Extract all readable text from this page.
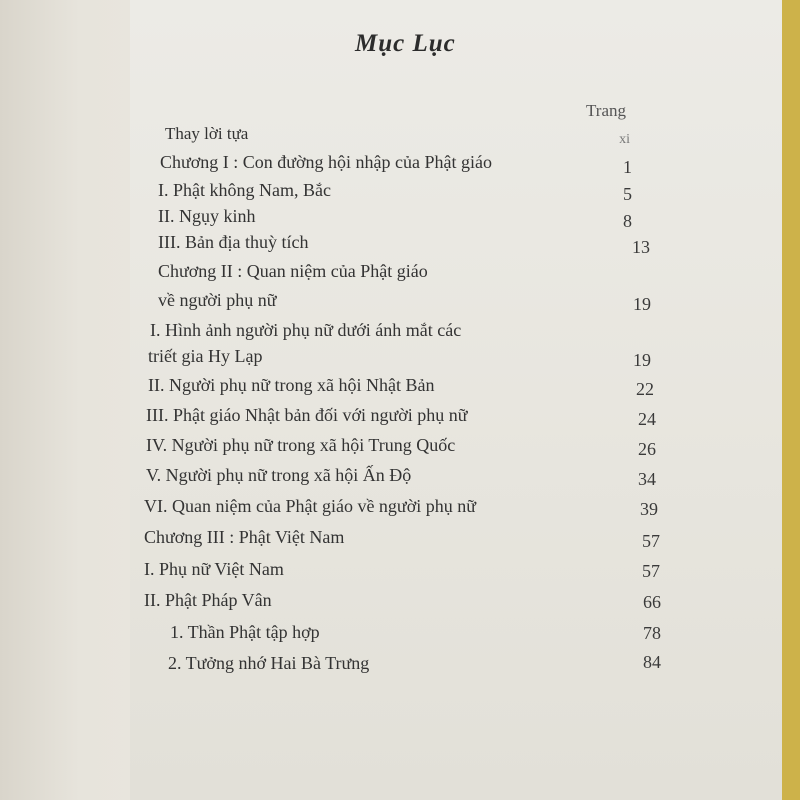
Mục Lục
Trang
Thay lời tựa	xi
Chương I : Con đường hội nhập của Phật giáo	1
I. Phật không Nam, Bắc	5
II. Ngụy kinh	8
III. Bản địa thuỳ tích	13
Chương II : Quan niệm của Phật giáo
về người phụ nữ	19
I. Hình ảnh người phụ nữ dưới ánh mắt các
triết gia Hy Lạp	19
II. Người phụ nữ trong xã hội Nhật Bản	22
III. Phật giáo Nhật bản đối với người phụ nữ	24
IV. Người phụ nữ trong xã hội Trung Quốc	26
V. Người phụ nữ trong xã hội Ấn Độ	34
VI. Quan niệm của Phật giáo về người phụ nữ	39
Chương III : Phật Việt Nam	57
I. Phụ nữ Việt Nam	57
II. Phật Pháp Vân	66
1. Thần Phật tập hợp	78
2. Tưởng nhớ Hai Bà Trưng	84
